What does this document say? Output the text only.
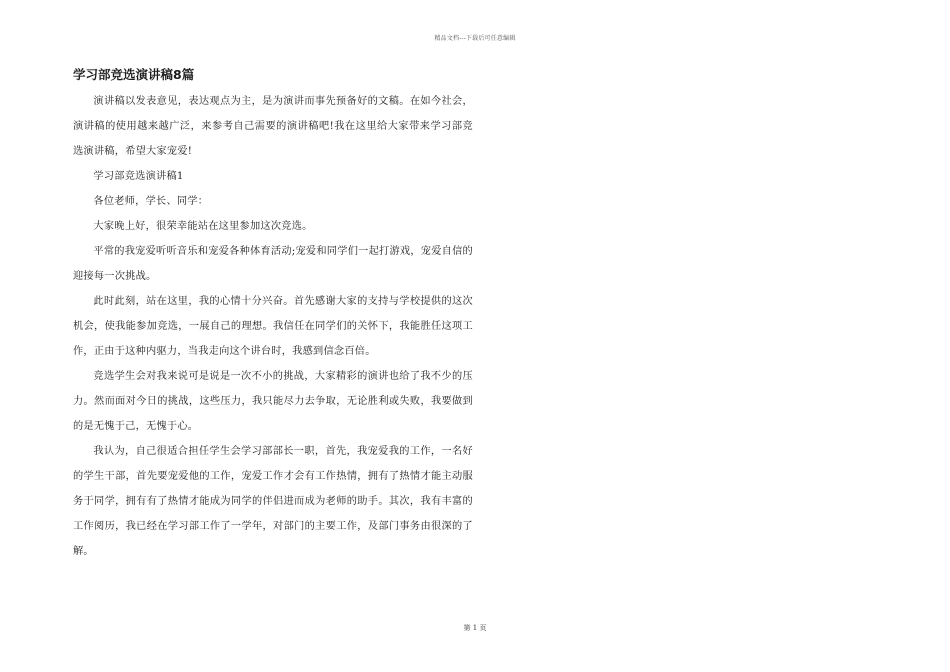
精品文档---下载后可任意编辑
学习部竞选演讲稿8篇

演讲稿以发表意见，表达观点为主，是为演讲而事先预备好的文稿。在如今社会，演讲稿的使用越来越广泛，来参考自己需要的演讲稿吧!我在这里给大家带来学习部竞选演讲稿，希望大家宠爱!

学习部竞选演讲稿1

各位老师，学长、同学：

大家晚上好，很荣幸能站在这里参加这次竞选。

平常的我宠爱听听音乐和宠爱各种体育活动;宠爱和同学们一起打游戏，宠爱自信的迎接每一次挑战。

此时此刻，站在这里，我的心情十分兴奋。首先感谢大家的支持与学校提供的这次机会，使我能参加竞选，一展自己的理想。我信任在同学们的关怀下，我能胜任这项工作，正由于这种内驱力，当我走向这个讲台时，我感到信念百倍。

竞选学生会对我来说可是说是一次不小的挑战，大家精彩的演讲也给了我不少的压力。然而面对今日的挑战，这些压力，我只能尽力去争取，无论胜利或失败，我要做到的是无愧于己，无愧于心。

我认为，自己很适合担任学生会学习部部长一职，首先，我宠爱我的工作，一名好的学生干部，首先要宠爱他的工作，宠爱工作才会有工作热情，拥有了热情才能主动服务于同学，拥有有了热情才能成为同学的伴侣进而成为老师的助手。其次，我有丰富的工作阅历，我已经在学习部工作了一学年，对部门的主要工作，及部门事务由很深的了解。

第 1 页
